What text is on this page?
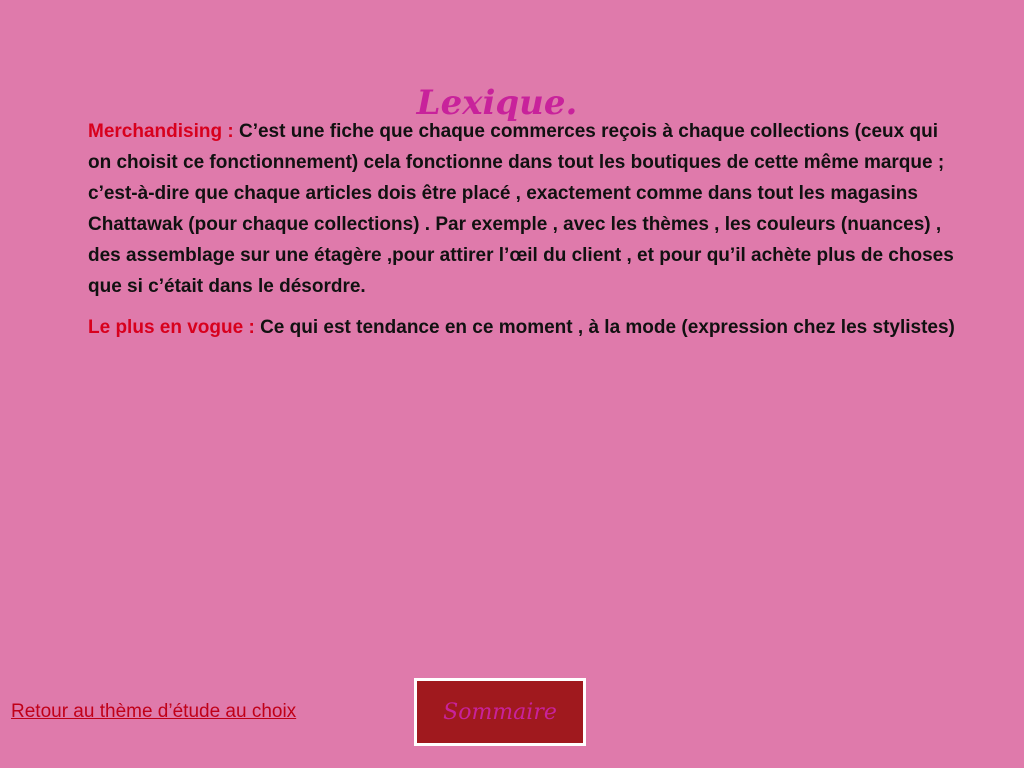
Lexique.

Merchandising : C’est une fiche que chaque commerces reçois à chaque collections (ceux qui on choisit ce fonctionnement) cela fonctionne dans tout les boutiques de cette même marque ; c’est-à-dire que chaque articles dois être placé , exactement comme dans tout les magasins Chattawak (pour chaque collections) . Par exemple , avec les thèmes , les couleurs (nuances) , des assemblage sur une étagère ,pour attirer l’œil du client , et pour qu’il achète plus de choses que si c’était dans le désordre.

Le plus en vogue : Ce qui est tendance en ce moment , à la mode (expression chez les stylistes)

Retour au thème d’étude au choix	Sommaire
